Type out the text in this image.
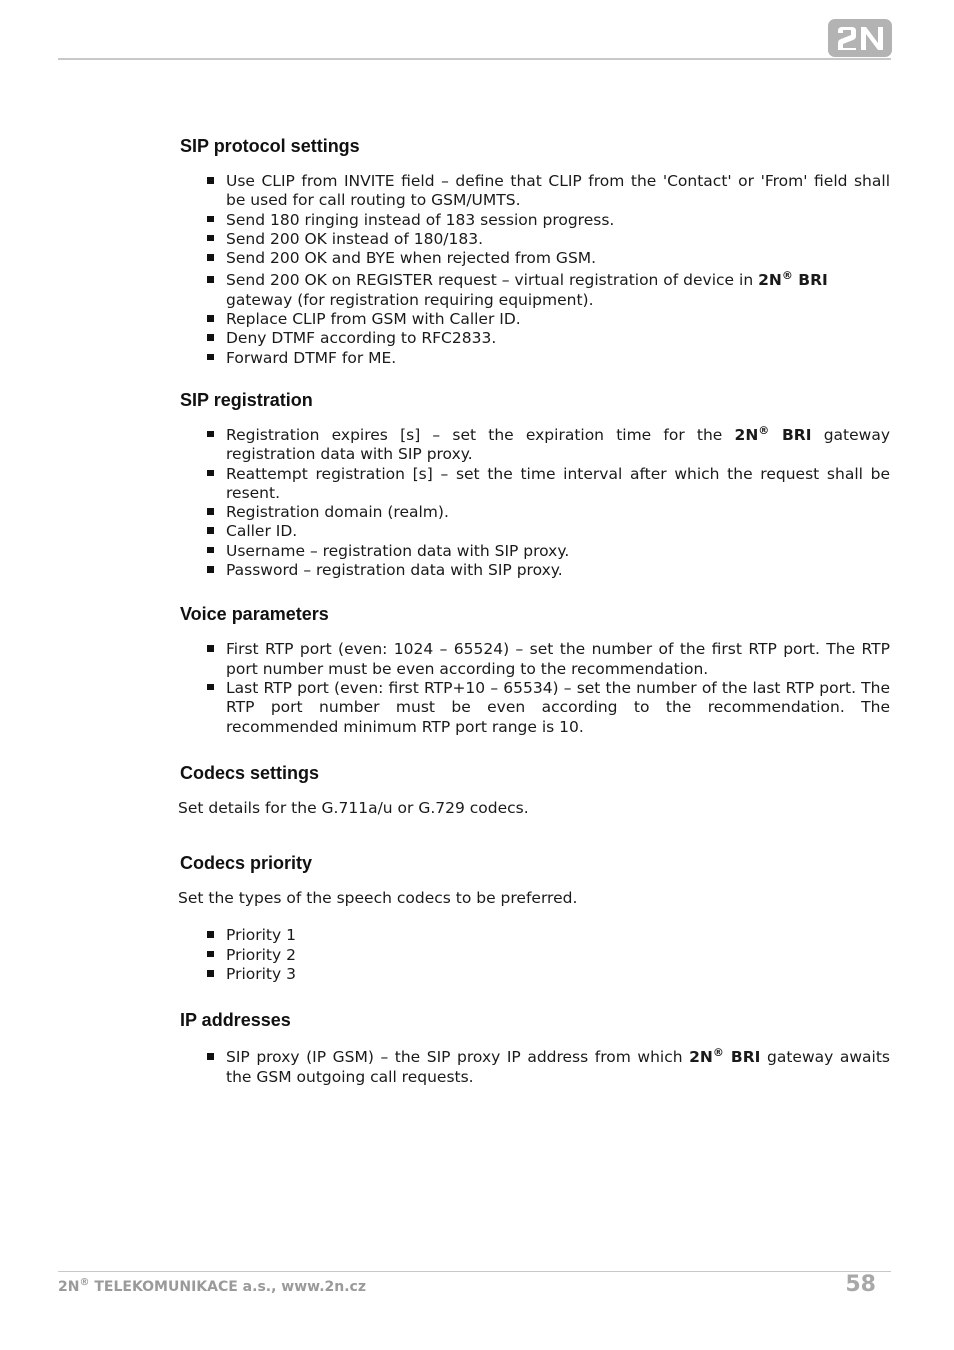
SIP protocol settings
Use CLIP from INVITE field – define that CLIP from the 'Contact' or 'From' field shall be used for call routing to GSM/UMTS.
Send 180 ringing instead of 183 session progress.
Send 200 OK instead of 180/183.
Send 200 OK and BYE when rejected from GSM.
Send 200 OK on REGISTER request – virtual registration of device in 2N® BRI
gateway (for registration requiring equipment).
Replace CLIP from GSM with Caller ID.
Deny DTMF according to RFC2833.
Forward DTMF for ME.
SIP registration
Registration expires [s] – set the expiration time for the 2N® BRI gateway registration data with SIP proxy.
Reattempt registration [s] – set the time interval after which the request shall be resent.
Registration domain (realm).
Caller ID.
Username – registration data with SIP proxy.
Password – registration data with SIP proxy.
Voice parameters
First RTP port (even: 1024 – 65524) – set the number of the first RTP port. The RTP port number must be even according to the recommendation.
Last RTP port (even: first RTP+10 – 65534) – set the number of the last RTP port. The RTP port number must be even according to the recommendation. The recommended minimum RTP port range is 10.
Codecs settings

Set details for the G.711a/u or G.729 codecs.

Codecs priority

Set the types of the speech codecs to be preferred.

Priority 1
Priority 2
Priority 3
IP addresses
SIP proxy (IP GSM) – the SIP proxy IP address from which 2N® BRI gateway awaits the GSM outgoing call requests.
2N® TELEKOMUNIKACE a.s., www.2n.cz	58
